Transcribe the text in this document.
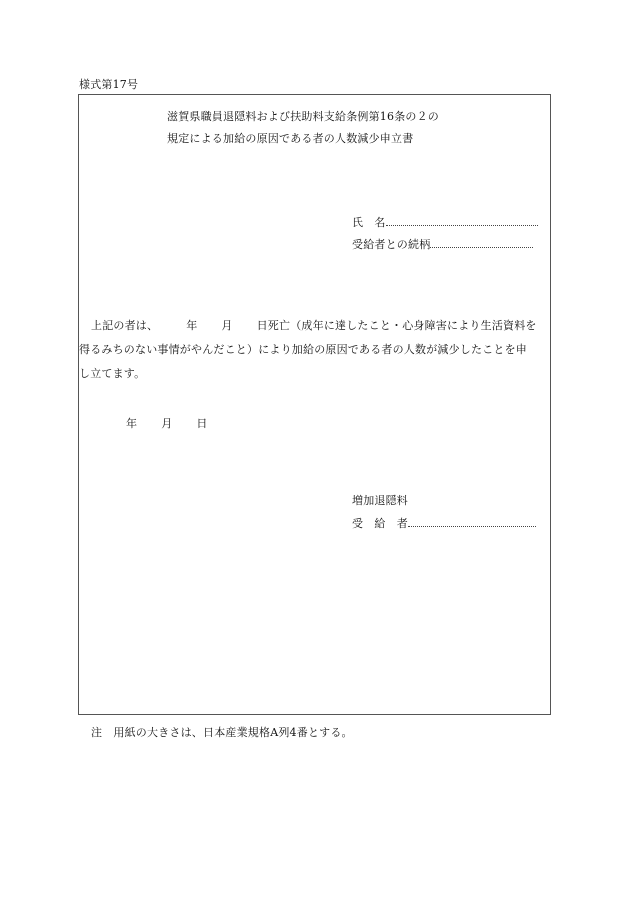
様式第17号
滋賀県職員退隠料および扶助料支給条例第16条の２の
規定による加給の原因である者の人数減少申立書
氏　名
受給者との続柄
上記の者は、	年 月 日死亡（成年に達したこと・心身障害により生活資料を
得るみちのない事情がやんだこと）により加給の原因である者の人数が減少したことを申
し立てます。
年 月 日
増加退隠料
受　給　者
注　用紙の大きさは、日本産業規格A列4番とする。
